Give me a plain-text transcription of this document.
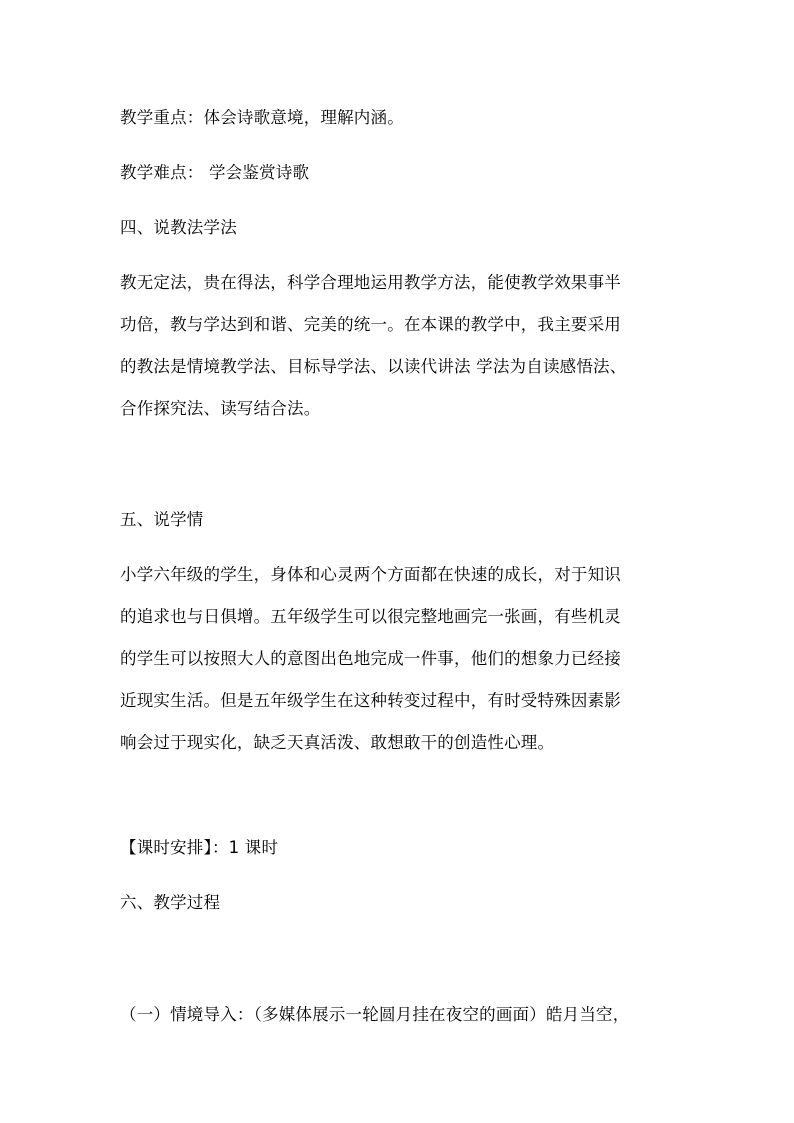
教学重点：体会诗歌意境，理解内涵。
教学难点： 学会鉴赏诗歌
四、说教法学法
教无定法，贵在得法，科学合理地运用教学方法，能使教学效果事半
功倍，教与学达到和谐、完美的统一。在本课的教学中，我主要采用
的教法是情境教学法、目标导学法、以读代讲法 学法为自读感悟法、
合作探究法、读写结合法。
五、说学情
小学六年级的学生，身体和心灵两个方面都在快速的成长，对于知识
的追求也与日俱增。五年级学生可以很完整地画完一张画，有些机灵
的学生可以按照大人的意图出色地完成一件事，他们的想象力已经接
近现实生活。但是五年级学生在这种转变过程中，有时受特殊因素影
响会过于现实化，缺乏天真活泼、敢想敢干的创造性心理。
【课时安排】：1 课时
六、教学过程
（一）情境导入：（多媒体展示一轮圆月挂在夜空的画面）皓月当空，
